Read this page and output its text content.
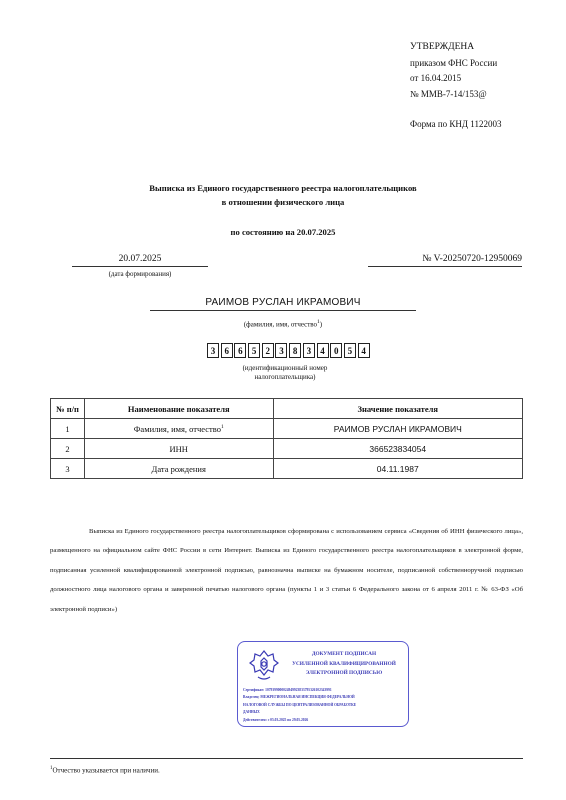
УТВЕРЖДЕНА
приказом ФНС России
от 16.04.2015
№ ММВ-7-14/153@
Форма по КНД 1122003
Выписка из Единого государственного реестра налогоплательщиков
в отношении физического лица
по состоянию на 20.07.2025
20.07.2025
(дата формирования)
№ V-20250720-12950069
РАИМОВ РУСЛАН ИКРАМОВИЧ
(фамилия, имя, отчество$^1$)
3	6	6	5	2	3	8	3	4	0	5	4
(идентификационный номер
налогоплательщика)
№ п/п	Наименование показателя	Значение показателя
1	Фамилия, имя, отчество$^1$	РАИМОВ РУСЛАН ИКРАМОВИЧ
2	ИНН	366523834054
3	Дата рождения	04.11.1987
Выписка из Единого государственного реестра налогоплательщиков сформирована с использованием сервиса «Сведения об ИНН физического лица», размещенного на официальном сайте ФНС России в сети Интернет. Выписка из Единого государственного реестра налогоплательщиков в электронной форме, подписанная усиленной квалифицированной электронной подписью, равнозначна выписке на бумажном носителе, подписанной собственноручной подписью должностного лица налогового органа и заверенной печатью налогового органа (пункты 1 и 3 статьи 6 Федерального закона от 6 апреля 2011 г. № 63-ФЗ «Об электронной подписи»)
ДОКУМЕНТ ПОДПИСАН
УСИЛЕННОЙ КВАЛИФИЦИРОВАННОЙ
ЭЛЕКТРОННОЙ ПОДПИСЬЮ
Сертификат: 1079399000024949923833795326102343991
Владелец: МЕЖРЕГИОНАЛЬНАЯ ИНСПЕКЦИЯ ФЕДЕРАЛЬНОЙ
НАЛОГОВОЙ СЛУЖБЫ ПО ЦЕНТРАЛИЗОВАННОЙ ОБРАБОТКЕ
ДАННЫХ
Действителен: с 05.03.2025 по 29.05.2026
$^1$Отчество указывается при наличии.
